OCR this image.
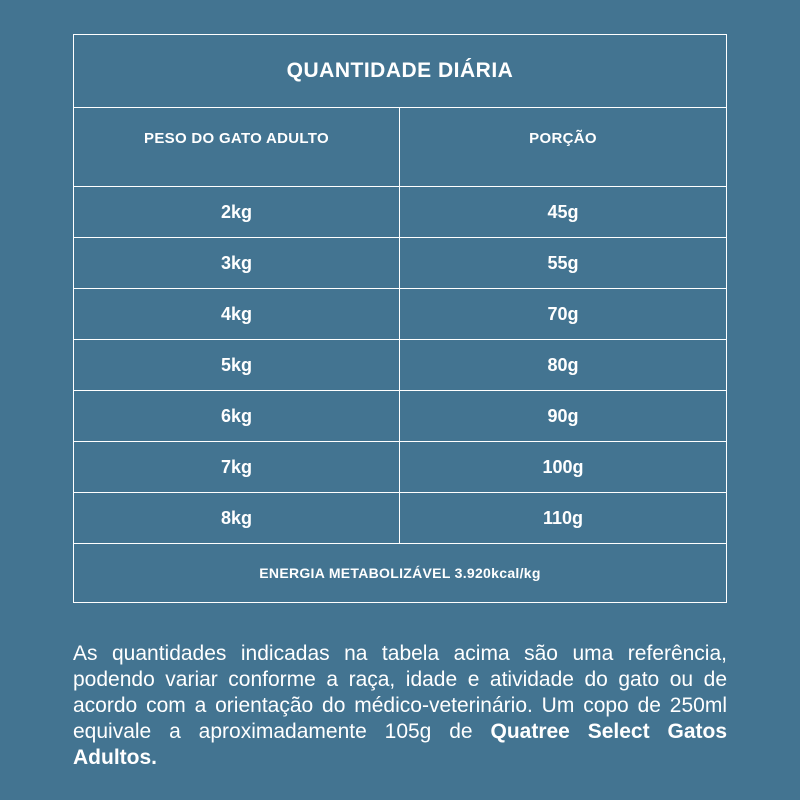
QUANTIDADE DIÁRIA
PESO DO GATO ADULTO	PORÇÃO
2kg	45g
3kg	55g
4kg	70g
5kg	80g
6kg	90g
7kg	100g
8kg	110g
ENERGIA METABOLIZÁVEL 3.920kcal/kg

As quantidades indicadas na tabela acima são uma referência, podendo variar conforme a raça, idade e atividade do gato ou de acordo com a orientação do médico-veterinário. Um copo de 250ml equivale a aproximadamente 105g de Quatree Select Gatos Adultos.
